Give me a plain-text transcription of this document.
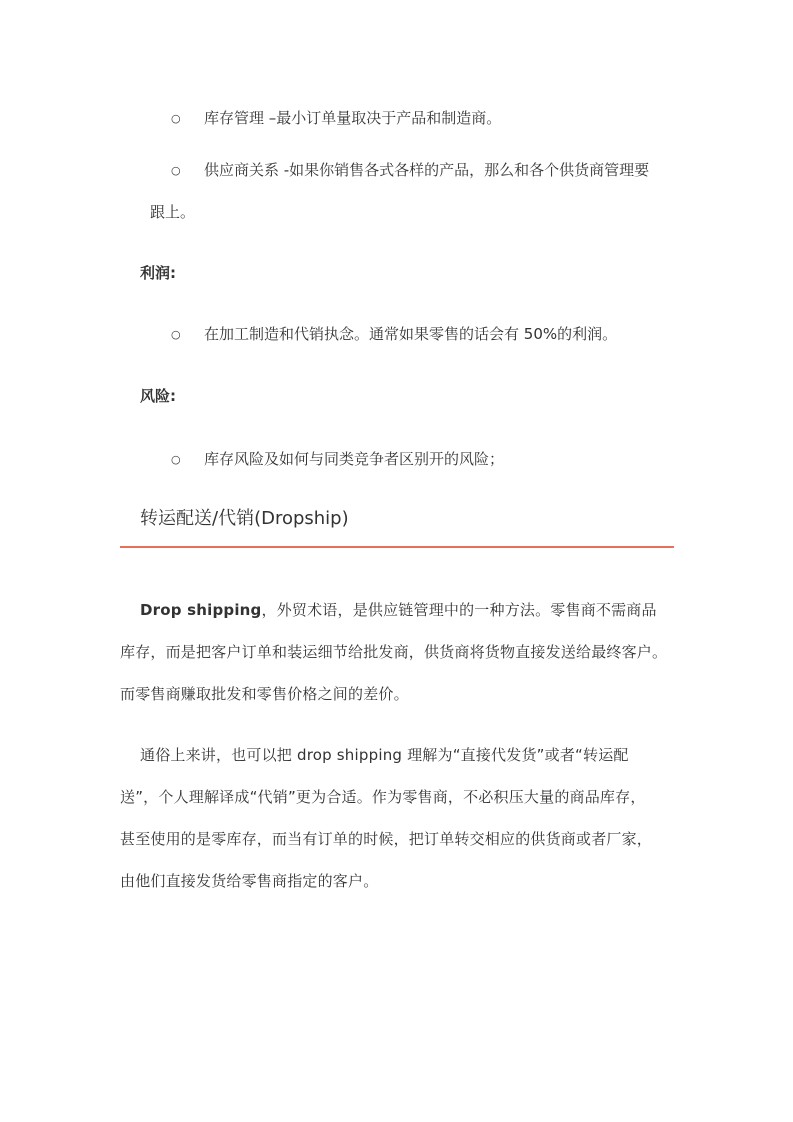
○ 库存管理 –最小订单量取决于产品和制造商。
○ 供应商关系 -如果你销售各式各样的产品，那么和各个供货商管理要
跟上。
利润:
○ 在加工制造和代销执念。通常如果零售的话会有 50%的利润。
风险:
○ 库存风险及如何与同类竞争者区别开的风险；
转运配送/代销(Dropship)
Drop shipping，外贸术语，是供应链管理中的一种方法。零售商不需商品
库存，而是把客户订单和装运细节给批发商，供货商将货物直接发送给最终客户。
而零售商赚取批发和零售价格之间的差价。
通俗上来讲，也可以把 drop shipping 理解为“直接代发货”或者“转运配
送”，个人理解译成“代销”更为合适。作为零售商，不必积压大量的商品库存，
甚至使用的是零库存，而当有订单的时候，把订单转交相应的供货商或者厂家，
由他们直接发货给零售商指定的客户。
